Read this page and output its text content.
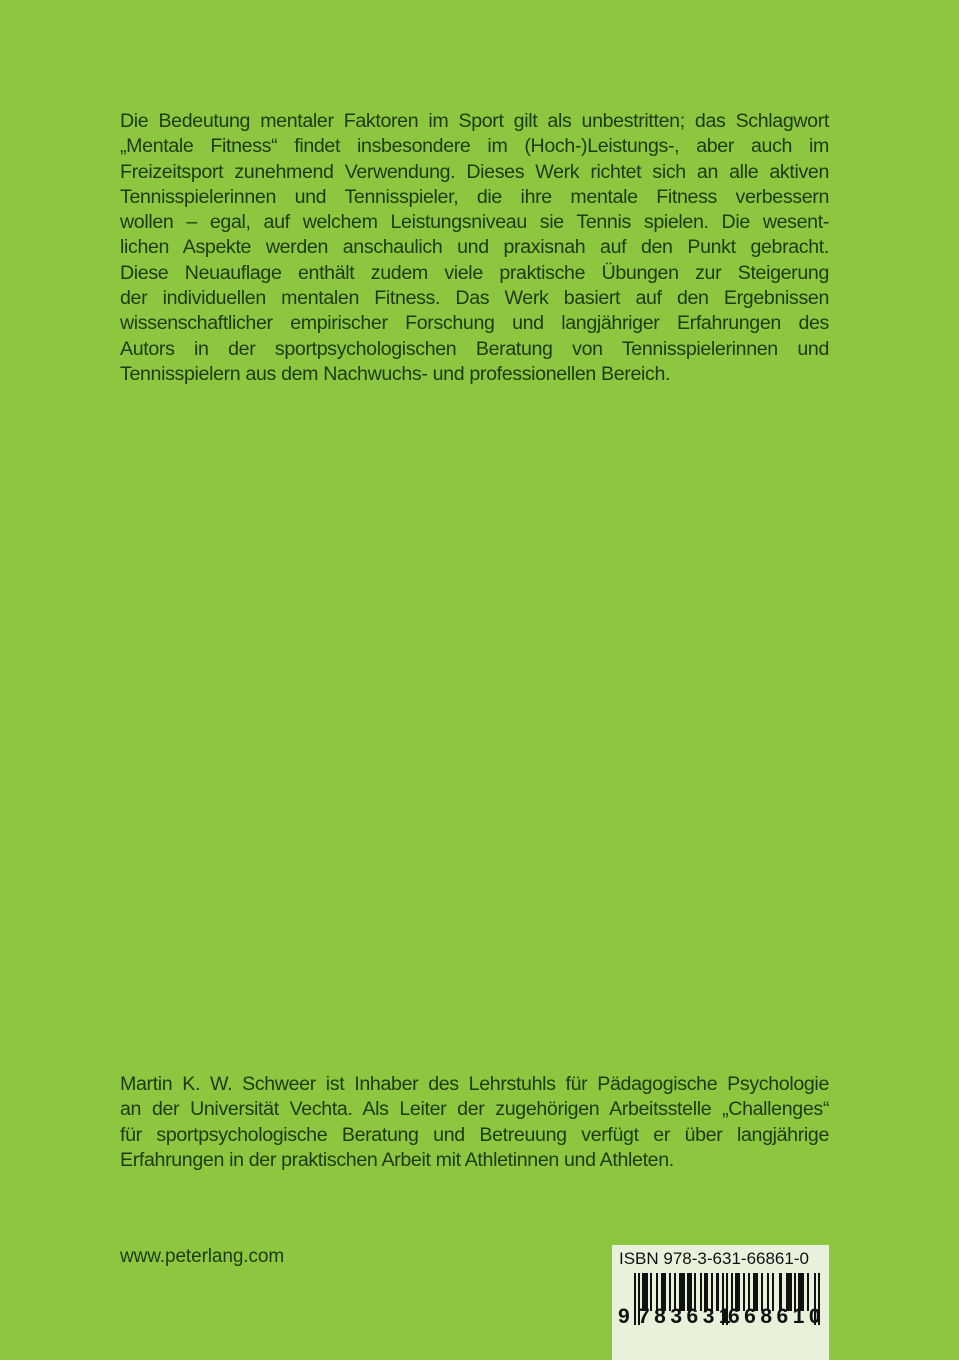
Die Bedeutung mentaler Faktoren im Sport gilt als unbestritten; das Schlagwort
„Mentale Fitness“ findet insbesondere im (Hoch-)Leistungs-, aber auch im
Freizeitsport zunehmend Verwendung. Dieses Werk richtet sich an alle aktiven
Tennisspielerinnen und Tennisspieler, die ihre mentale Fitness verbessern
wollen – egal, auf welchem Leistungsniveau sie Tennis spielen. Die wesent-
lichen Aspekte werden anschaulich und praxisnah auf den Punkt gebracht.
Diese Neuauflage enthält zudem viele praktische Übungen zur Steigerung
der individuellen mentalen Fitness. Das Werk basiert auf den Ergebnissen
wissenschaftlicher empirischer Forschung und langjähriger Erfahrungen des
Autors in der sportpsychologischen Beratung von Tennisspielerinnen und
Tennisspielern aus dem Nachwuchs- und professionellen Bereich.
Martin K. W. Schweer ist Inhaber des Lehrstuhls für Pädagogische Psychologie
an der Universität Vechta. Als Leiter der zugehörigen Arbeitsstelle „Challenges“
für sportpsychologische Beratung und Betreuung verfügt er über langjährige
Erfahrungen in der praktischen Arbeit mit Athletinnen und Athleten.
www.peterlang.com	ISBN 978-3-631-66861-0
9 783631
668610
